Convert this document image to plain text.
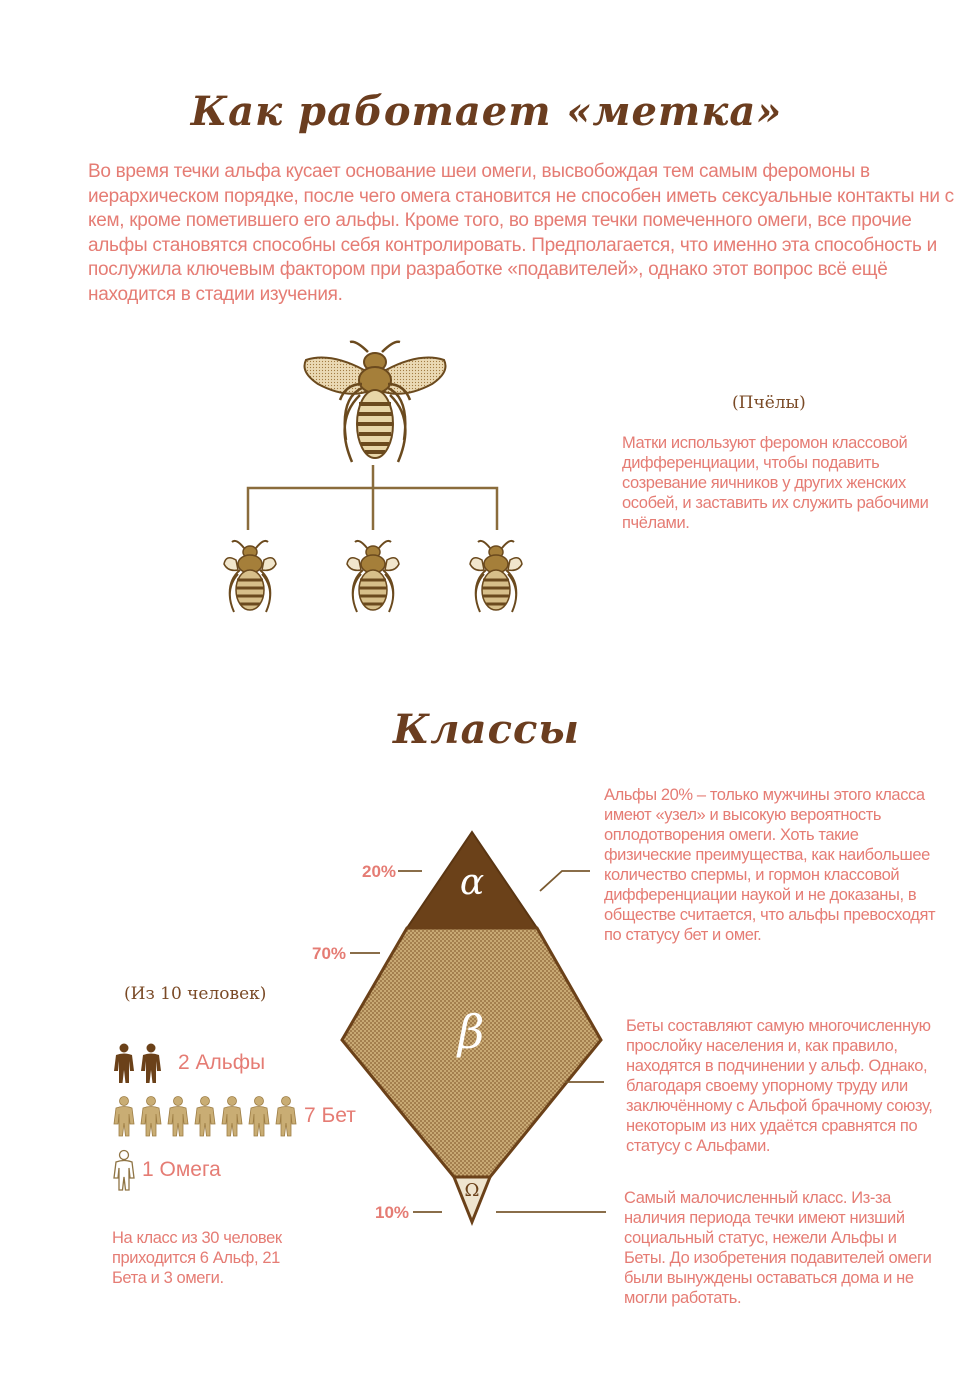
Как работает «метка»
Во время течки альфа кусает основание шеи омеги, высвобождая тем самым феромоны в иерархическом порядке, после чего омега становится не способен иметь сексуальные контакты ни с кем, кроме пометившего его альфы. Кроме того, во время течки помеченного омеги, все прочие альфы становятся способны себя контролировать. Предполагается, что именно эта способность и послужила ключевым фактором при разработке «подавителей», однако этот вопрос всё ещё находится в стадии изучения.
(Пчёлы)
Матки используют феромон классовой дифференциации, чтобы подавить созревание яичников у других женских особей, и заставить их служить рабочими пчёлами.
Классы
20%
70%
10%
α
β
Ω
Альфы 20% – только мужчины этого класса имеют «узел» и высокую вероятность оплодотворения омеги. Хоть такие физические преимущества, как наибольшее количество спермы, и гормон классовой дифференциации наукой и не доказаны, в обществе считается, что альфы превосходят по статусу бет и омег.
Беты составляют самую многочисленную прослойку населения и, как правило, находятся в подчинении у альф. Однако, благодаря своему упорному труду или заключённому с Альфой брачному союзу, некоторым из них удаётся сравнятся по статусу с Альфами.
Самый малочисленный класс. Из-за наличия периода течки имеют низший социальный статус, нежели Альфы и Беты. До изобретения подавителей омеги были вынуждены оставаться дома и не могли работать.
(Из 10 человек)
2 Альфы
7 Бет
1 Омега
На класс из 30 человек приходится 6 Альф, 21 Бета и 3 омеги.
